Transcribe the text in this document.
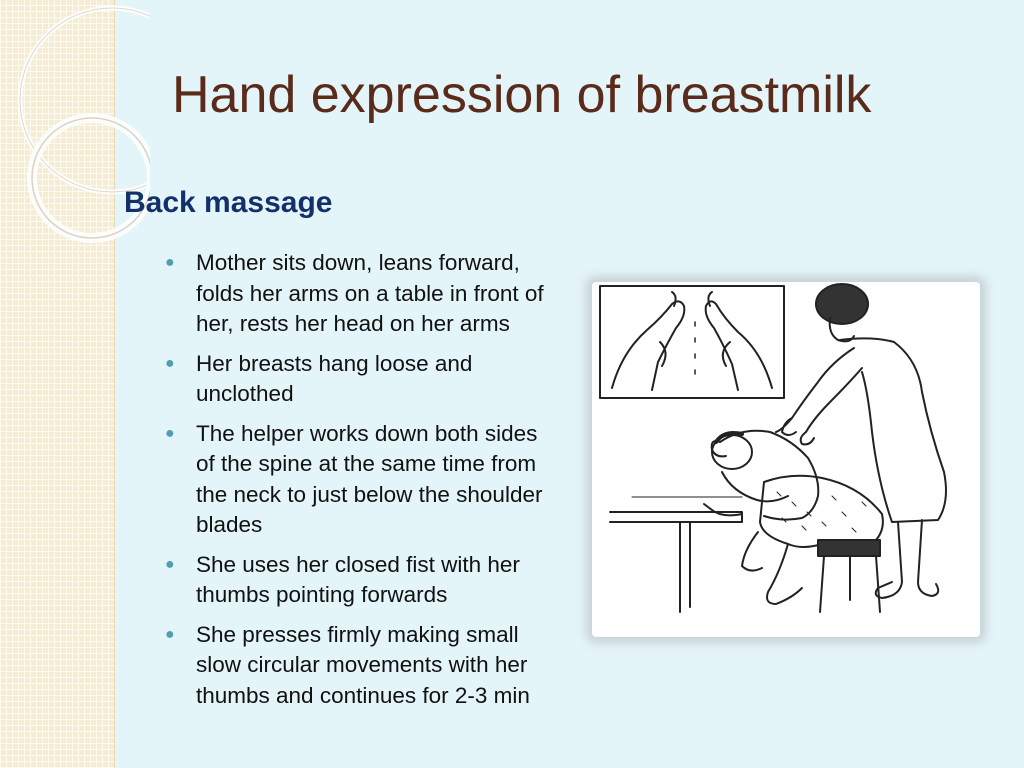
Hand expression of breastmilk
Back massage
● Mother sits down, leans forward, folds her arms on a table in front of her, rests her head on her arms
● Her breasts hang loose and unclothed
● The helper works down both sides of the spine at the same time from the neck to just below the shoulder blades
● She uses her closed fist with her thumbs pointing forwards
● She presses firmly making small slow circular movements with her thumbs and continues for 2-3 min
